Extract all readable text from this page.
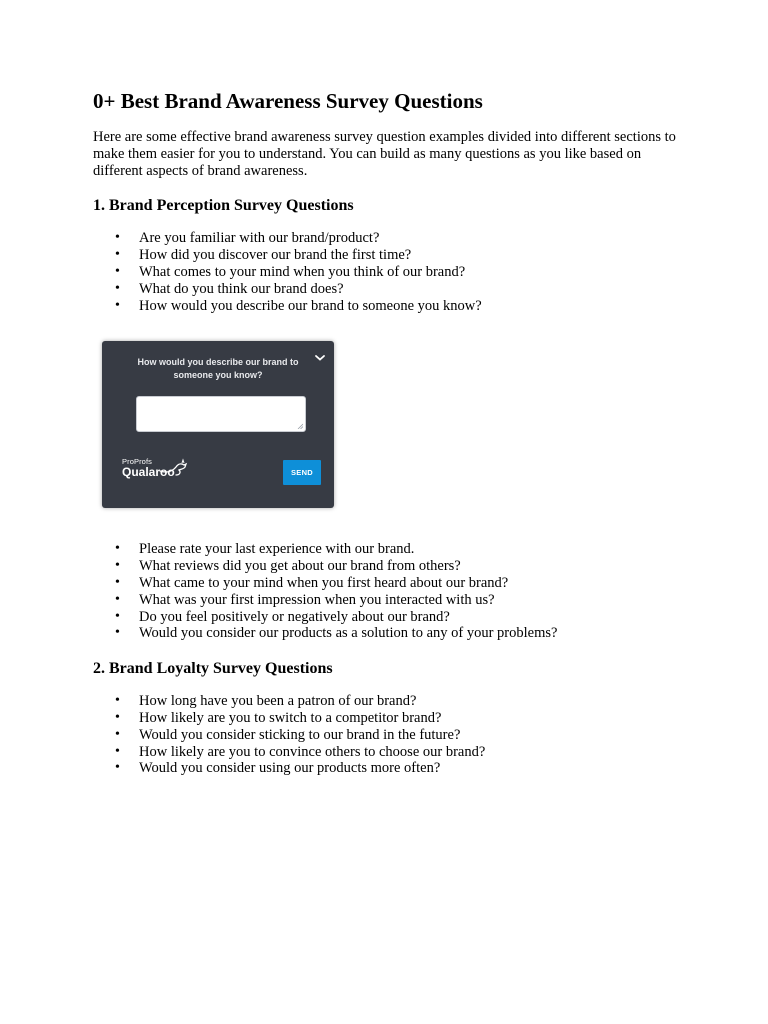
0+ Best Brand Awareness Survey Questions

Here are some effective brand awareness survey question examples divided into different sections to make them easier for you to understand. You can build as many questions as you like based on different aspects of brand awareness.

1. Brand Perception Survey Questions
• Are you familiar with our brand/product?
• How did you discover our brand the first time?
• What comes to your mind when you think of our brand?
• What do you think our brand does?
• How would you describe our brand to someone you know?
How would you describe our brand to someone you know?
ProProfs
Qualaroo	SEND
• Please rate your last experience with our brand.
• What reviews did you get about our brand from others?
• What came to your mind when you first heard about our brand?
• What was your first impression when you interacted with us?
• Do you feel positively or negatively about our brand?
• Would you consider our products as a solution to any of your problems?
2. Brand Loyalty Survey Questions
• How long have you been a patron of our brand?
• How likely are you to switch to a competitor brand?
• Would you consider sticking to our brand in the future?
• How likely are you to convince others to choose our brand?
• Would you consider using our products more often?
